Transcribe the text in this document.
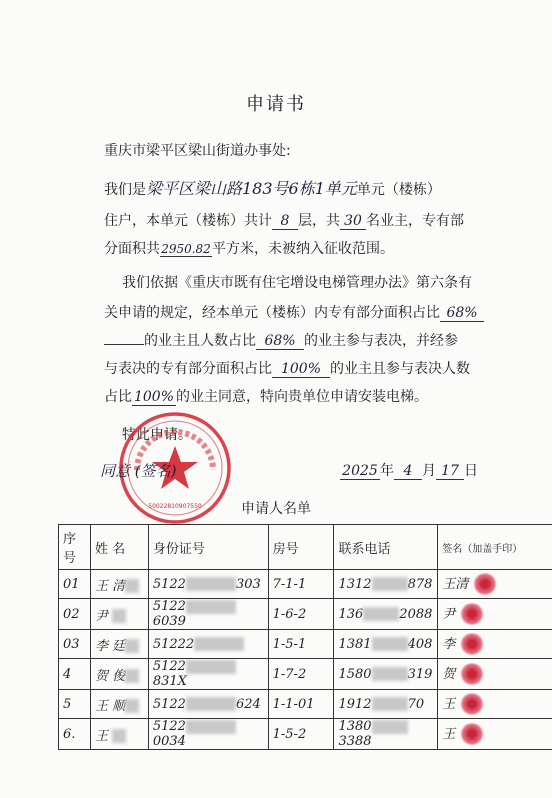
申请书
重庆市梁平区梁山街道办事处:
我们是梁平区梁山路183号6栋1单元单元（楼栋）
住户，本单元（楼栋）共计 8 层，共 30 名业主，专有部
分面积共2950.82平方米，未被纳入征收范围。
我们依据《重庆市既有住宅增设电梯管理办法》第六条有
关申请的规定，经本单元（楼栋）内专有部分面积占比 68%
的业主且人数占比 68% 的业主参与表决，并经参
与表决的专有部分面积占比 100% 的业主且参与表决人数
占比 100% 的业主同意，特向贵单位申请安装电梯。
特此申请。
50022810907550
同意 (签名)	2025 年 4 月 17 日
申请人名单
序号	姓 名	身份证号	房号	联系电话	签名（加盖手印）
01	王 清	5122 303	7-1-1	1312 878	王清
02	尹	51226039	1-6-2	136 2088	尹
03	李 廷	51222	1-5-1	1381 408	李
4	贺 俊	5122831X	1-7-2	1580 319	贺
5	王 顺	5122 624	1-1-01	1912 70	王
6.	王	51220034	1-5-2	13803388	王
